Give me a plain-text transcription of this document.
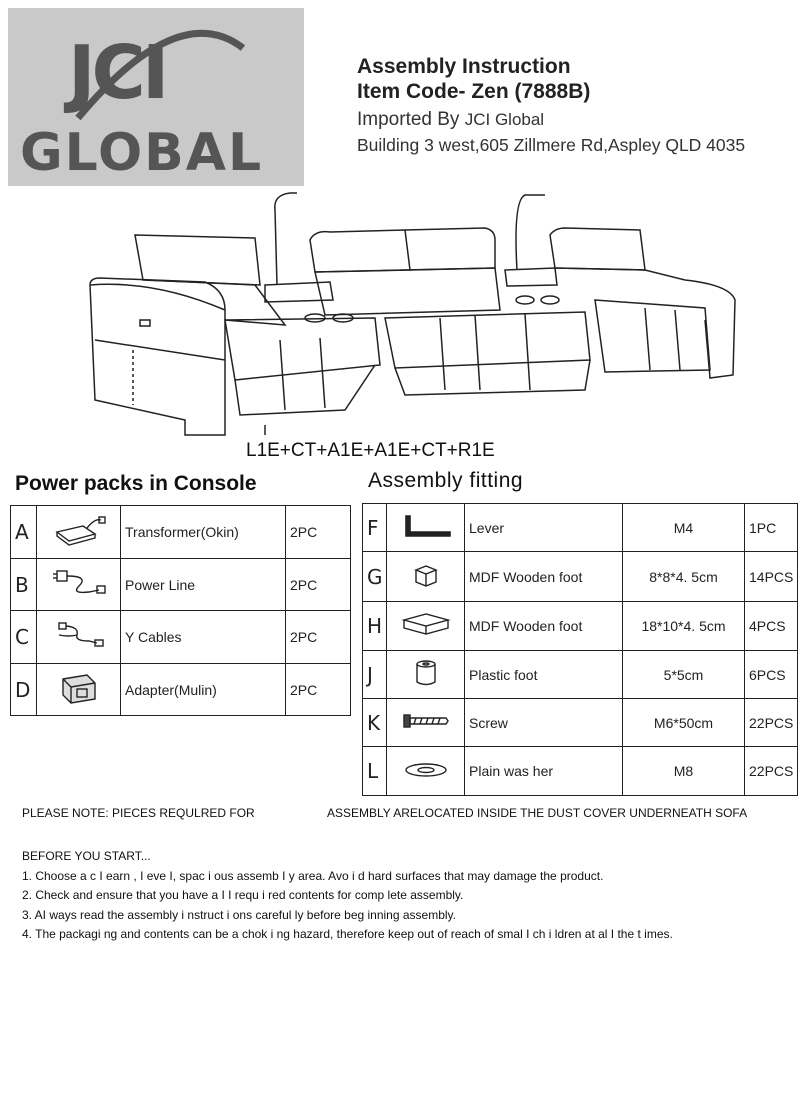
JCI
GLOBAL
Assembly Instruction
Item Code- Zen (7888B)
Imported By JCI Global
Building 3 west,605 Zillmere Rd,Aspley QLD 4035
L1E+CT+A1E+A1E+CT+R1E
Power packs in Console	Assembly fitting
A		Transformer(Okin)	2PC
B		Power Line	2PC
C		Y Cables	2PC
D		Adapter(Mulin)	2PC
F		Lever	M4	1PC
G		MDF Wooden foot	8*8*4. 5cm	14PCS
H		MDF Wooden foot	18*10*4. 5cm	4PCS
J		Plastic foot	5*5cm	6PCS
K		Screw	M6*50cm	22PCS
L		Plain was her	M8	22PCS
PLEASE NOTE: PIECES REQULRED FOR	ASSEMBLY ARELOCATED INSIDE THE DUST COVER UNDERNEATH SOFA
BEFORE YOU START...
1. Choose a c I earn , I eve I, spac i ous assemb I y area. Avo i d hard surfaces that may damage the product.
2. Check and ensure that you have a I I requ i red contents for comp lete assembly.
3. AI ways read the assembly i nstruct i ons careful ly before beg inning assembly.
4. The packagi ng and contents can be a chok i ng hazard, therefore keep out of reach of smal I ch i ldren at al I the t imes.
